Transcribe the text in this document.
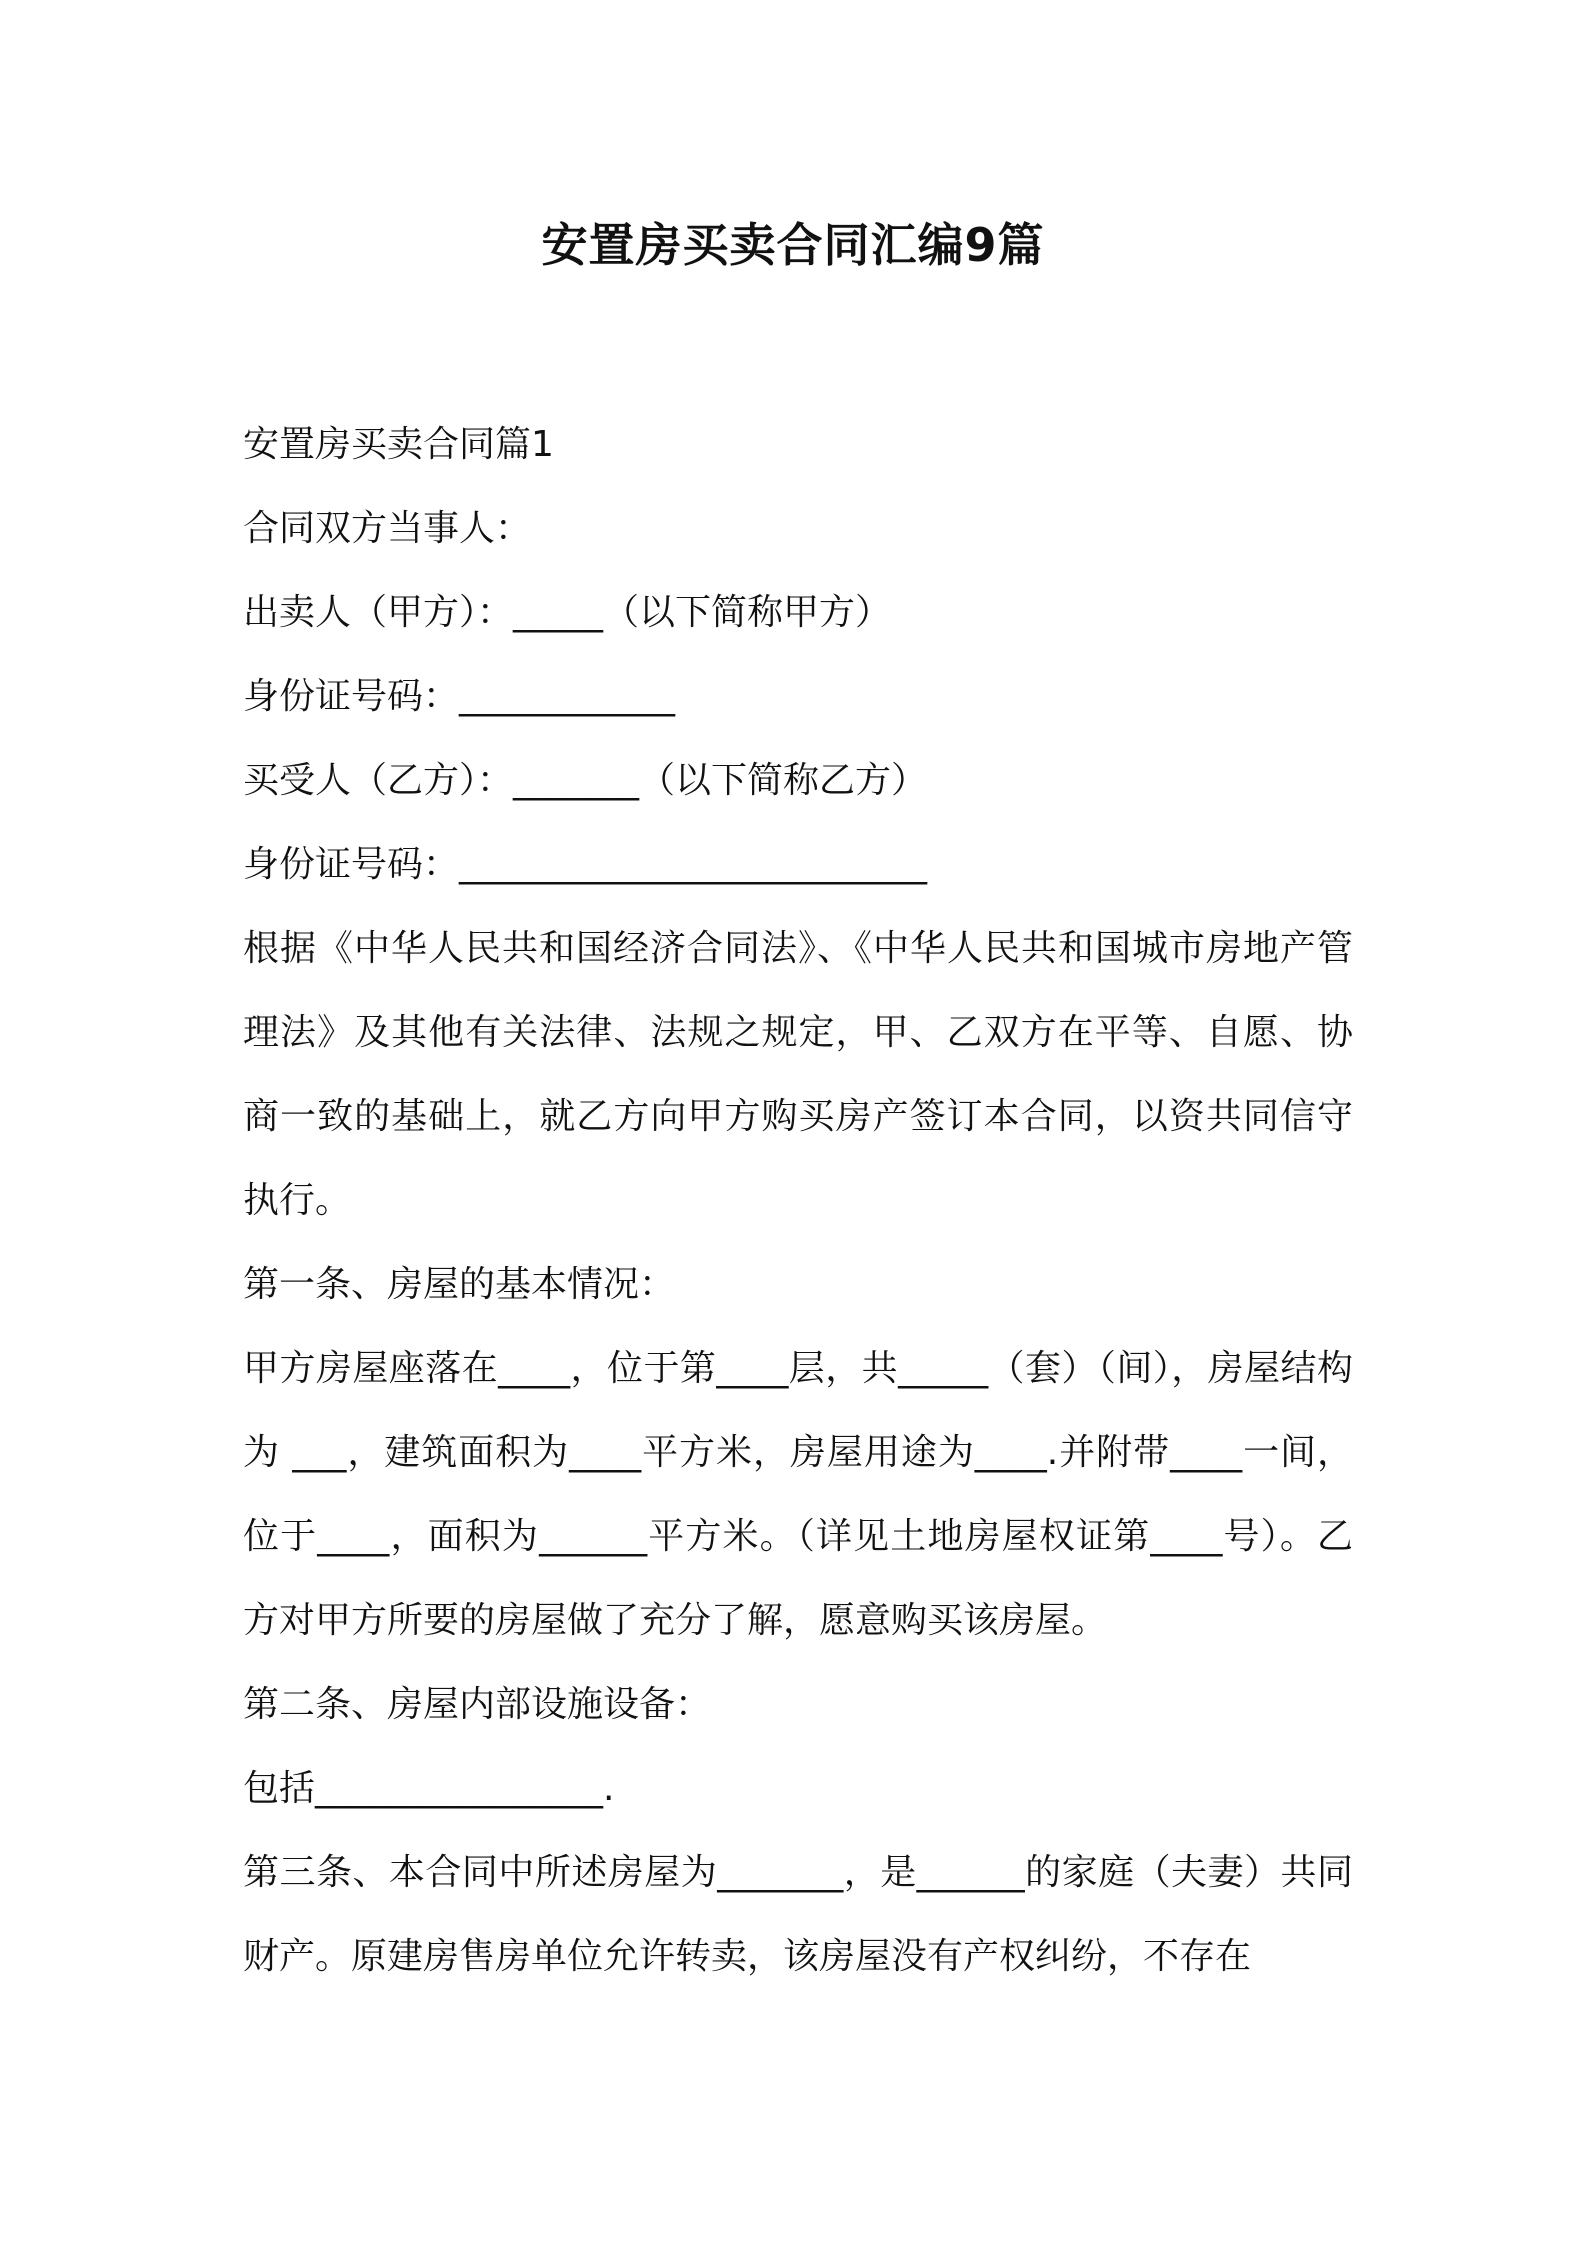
安置房买卖合同汇编9篇

安置房买卖合同篇1

合同双方当事人：

出卖人（甲方）：_____（以下简称甲方）

身份证号码：____________

买受人（乙方）：_______（以下简称乙方）

身份证号码：__________________________

根据《中华人民共和国经济合同法》、《中华人民共和国城市房地产管理法》及其他有关法律、法规之规定，甲、乙双方在平等、自愿、协商一致的基础上，就乙方向甲方购买房产签订本合同，以资共同信守执行。

第一条、房屋的基本情况：

甲方房屋座落在____，位于第____层，共_____（套）（间），房屋结构为 ___，建筑面积为____平方米，房屋用途为____.并附带____一间，位于____，面积为______平方米。（详见土地房屋权证第____号）。乙方对甲方所要的房屋做了充分了解，愿意购买该房屋。

第二条、房屋内部设施设备：

包括________________.

第三条、本合同中所述房屋为_______，是______的家庭（夫妻）共同财产。原建房售房单位允许转卖，该房屋没有产权纠纷，不存在
